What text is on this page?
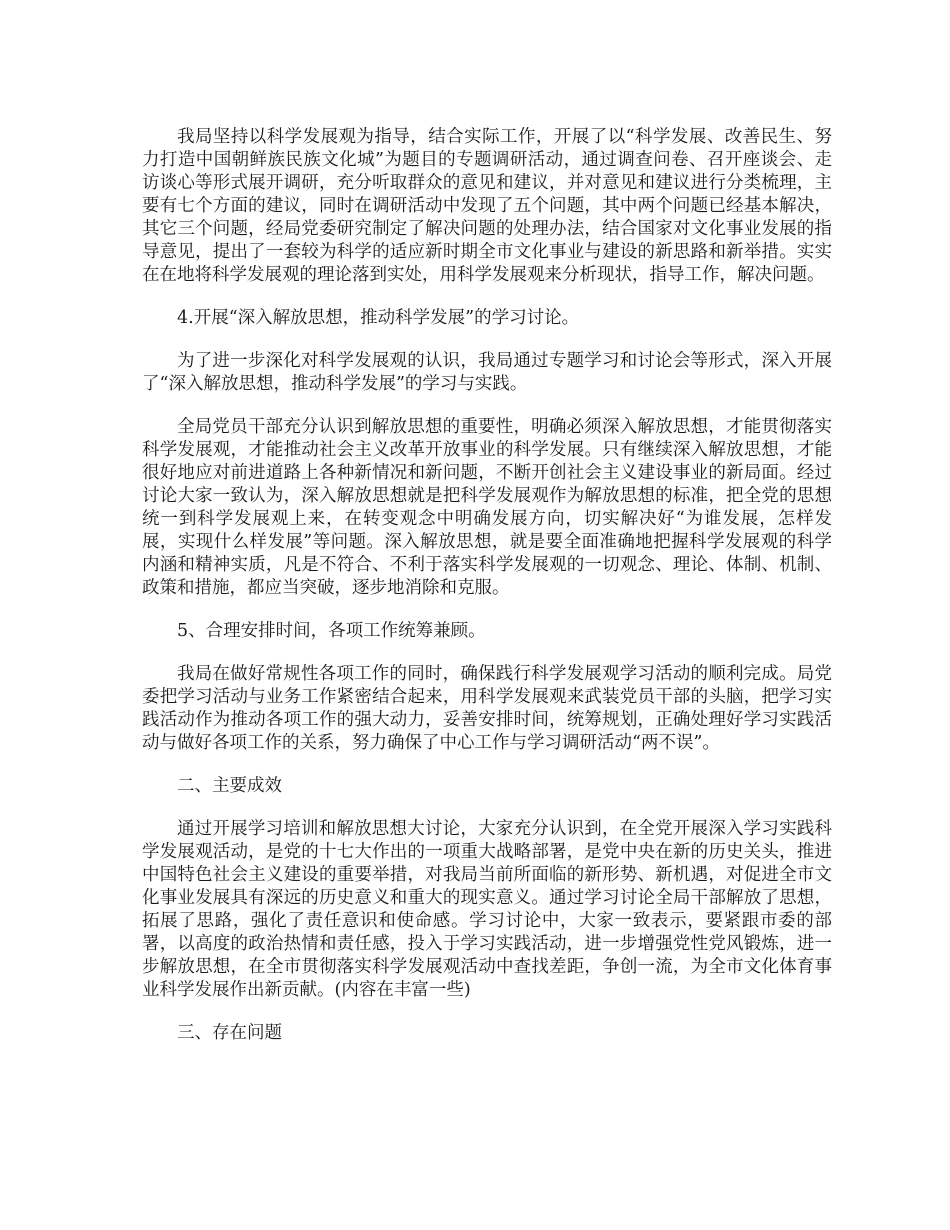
我局坚持以科学发展观为指导，结合实际工作，开展了以“科学发展、改善民生、努力打造中国朝鲜族民族文化城”为题目的专题调研活动，通过调查问卷、召开座谈会、走访谈心等形式展开调研，充分听取群众的意见和建议，并对意见和建议进行分类梳理，主要有七个方面的建议，同时在调研活动中发现了五个问题，其中两个问题已经基本解决，其它三个问题，经局党委研究制定了解决问题的处理办法，结合国家对文化事业发展的指导意见，提出了一套较为科学的适应新时期全市文化事业与建设的新思路和新举措。实实在在地将科学发展观的理论落到实处，用科学发展观来分析现状，指导工作，解决问题。

4.开展“深入解放思想，推动科学发展”的学习讨论。

为了进一步深化对科学发展观的认识，我局通过专题学习和讨论会等形式，深入开展了“深入解放思想，推动科学发展”的学习与实践。

全局党员干部充分认识到解放思想的重要性，明确必须深入解放思想，才能贯彻落实科学发展观，才能推动社会主义改革开放事业的科学发展。只有继续深入解放思想，才能很好地应对前进道路上各种新情况和新问题，不断开创社会主义建设事业的新局面。经过讨论大家一致认为，深入解放思想就是把科学发展观作为解放思想的标准，把全党的思想统一到科学发展观上来，在转变观念中明确发展方向，切实解决好“为谁发展，怎样发展，实现什么样发展”等问题。深入解放思想，就是要全面准确地把握科学发展观的科学内涵和精神实质，凡是不符合、不利于落实科学发展观的一切观念、理论、体制、机制、政策和措施，都应当突破，逐步地消除和克服。

5、合理安排时间，各项工作统筹兼顾。

我局在做好常规性各项工作的同时，确保践行科学发展观学习活动的顺利完成。局党委把学习活动与业务工作紧密结合起来，用科学发展观来武装党员干部的头脑，把学习实践活动作为推动各项工作的强大动力，妥善安排时间，统筹规划，正确处理好学习实践活动与做好各项工作的关系，努力确保了中心工作与学习调研活动“两不误”。

二、主要成效

通过开展学习培训和解放思想大讨论，大家充分认识到，在全党开展深入学习实践科学发展观活动，是党的十七大作出的一项重大战略部署，是党中央在新的历史关头，推进中国特色社会主义建设的重要举措，对我局当前所面临的新形势、新机遇，对促进全市文化事业发展具有深远的历史意义和重大的现实意义。通过学习讨论全局干部解放了思想，拓展了思路，强化了责任意识和使命感。学习讨论中，大家一致表示，要紧跟市委的部署，以高度的政治热情和责任感，投入于学习实践活动，进一步增强党性党风锻炼，进一步解放思想，在全市贯彻落实科学发展观活动中查找差距，争创一流，为全市文化体育事业科学发展作出新贡献。(内容在丰富一些)

三、存在问题
